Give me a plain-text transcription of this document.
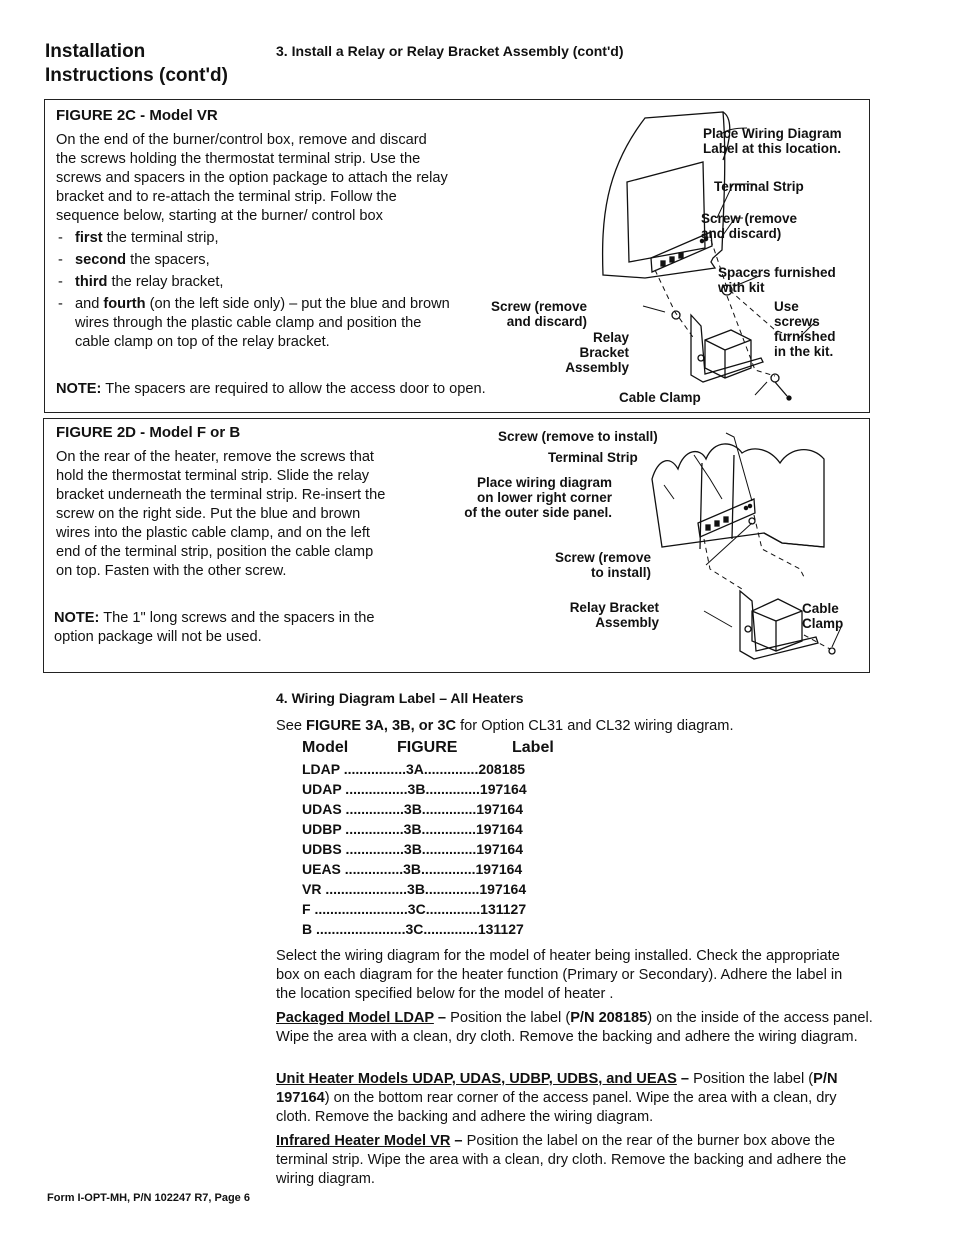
Installation
Instructions (cont'd)
3. Install a Relay or Relay Bracket Assembly (cont'd)
FIGURE 2C - Model VR
On the end of the burner/control box, remove and discard the screws holding the thermostat terminal strip. Use the screws and spacers in the option package to attach the relay bracket and to re-attach the terminal strip. Follow the sequence below, starting at the burner/ control box
- first the terminal strip,
- second the spacers,
- third the relay bracket,
- and fourth (on the left side only) – put the blue and brown wires through the plastic cable clamp and position the cable clamp on top of the relay bracket.
NOTE: The spacers are required to allow the access door to open.
Place Wiring Diagram
Label at this location.
Terminal Strip
Screw (remove
and discard)
Spacers furnished
with kit
Use
screws
furnished
in the kit.
Screw (remove
and discard)
Relay
Bracket
Assembly
Cable Clamp
FIGURE 2D - Model F or B
On the rear of the heater, remove the screws that hold the thermostat terminal strip. Slide the relay bracket underneath the terminal strip. Re-insert the screw on the right side. Put the blue and brown wires into the plastic cable clamp, and on the left end of the terminal strip, position the cable clamp on top. Fasten with the other screw.
NOTE: The 1" long screws and the spacers in the option package will not be used.
Screw (remove to install)
Terminal Strip
Place wiring diagram
on lower right corner
of the outer side panel.
Screw (remove
to install)
Relay Bracket
Assembly
Cable
Clamp
4. Wiring Diagram Label – All Heaters
See FIGURE 3A, 3B, or 3C for Option CL31 and CL32 wiring diagram.
Model	FIGURE	Label
LDAP ................3A..............208185
UDAP ................3B..............197164
UDAS ...............3B..............197164
UDBP ...............3B..............197164
UDBS ...............3B..............197164
UEAS ...............3B..............197164
VR .....................3B..............197164
F ........................3C..............131127
B .......................3C..............131127
Select the wiring diagram for the model of heater being installed. Check the appropriate box on each diagram for the heater function (Primary or Secondary). Adhere the label in the location specified below for the model of heater .
Packaged Model LDAP – Position the label (P/N 208185) on the inside of the access panel. Wipe the area with a clean, dry cloth. Remove the backing and adhere the wiring diagram.
Unit Heater Models UDAP, UDAS, UDBP, UDBS, and UEAS – Position the label (P/N 197164) on the bottom rear corner of the access panel. Wipe the area with a clean, dry cloth. Remove the backing and adhere the wiring diagram.
Infrared Heater Model VR – Position the label on the rear of the burner box above the terminal strip. Wipe the area with a clean, dry cloth. Remove the backing and adhere the wiring diagram.
Form I-OPT-MH, P/N 102247 R7, Page 6
